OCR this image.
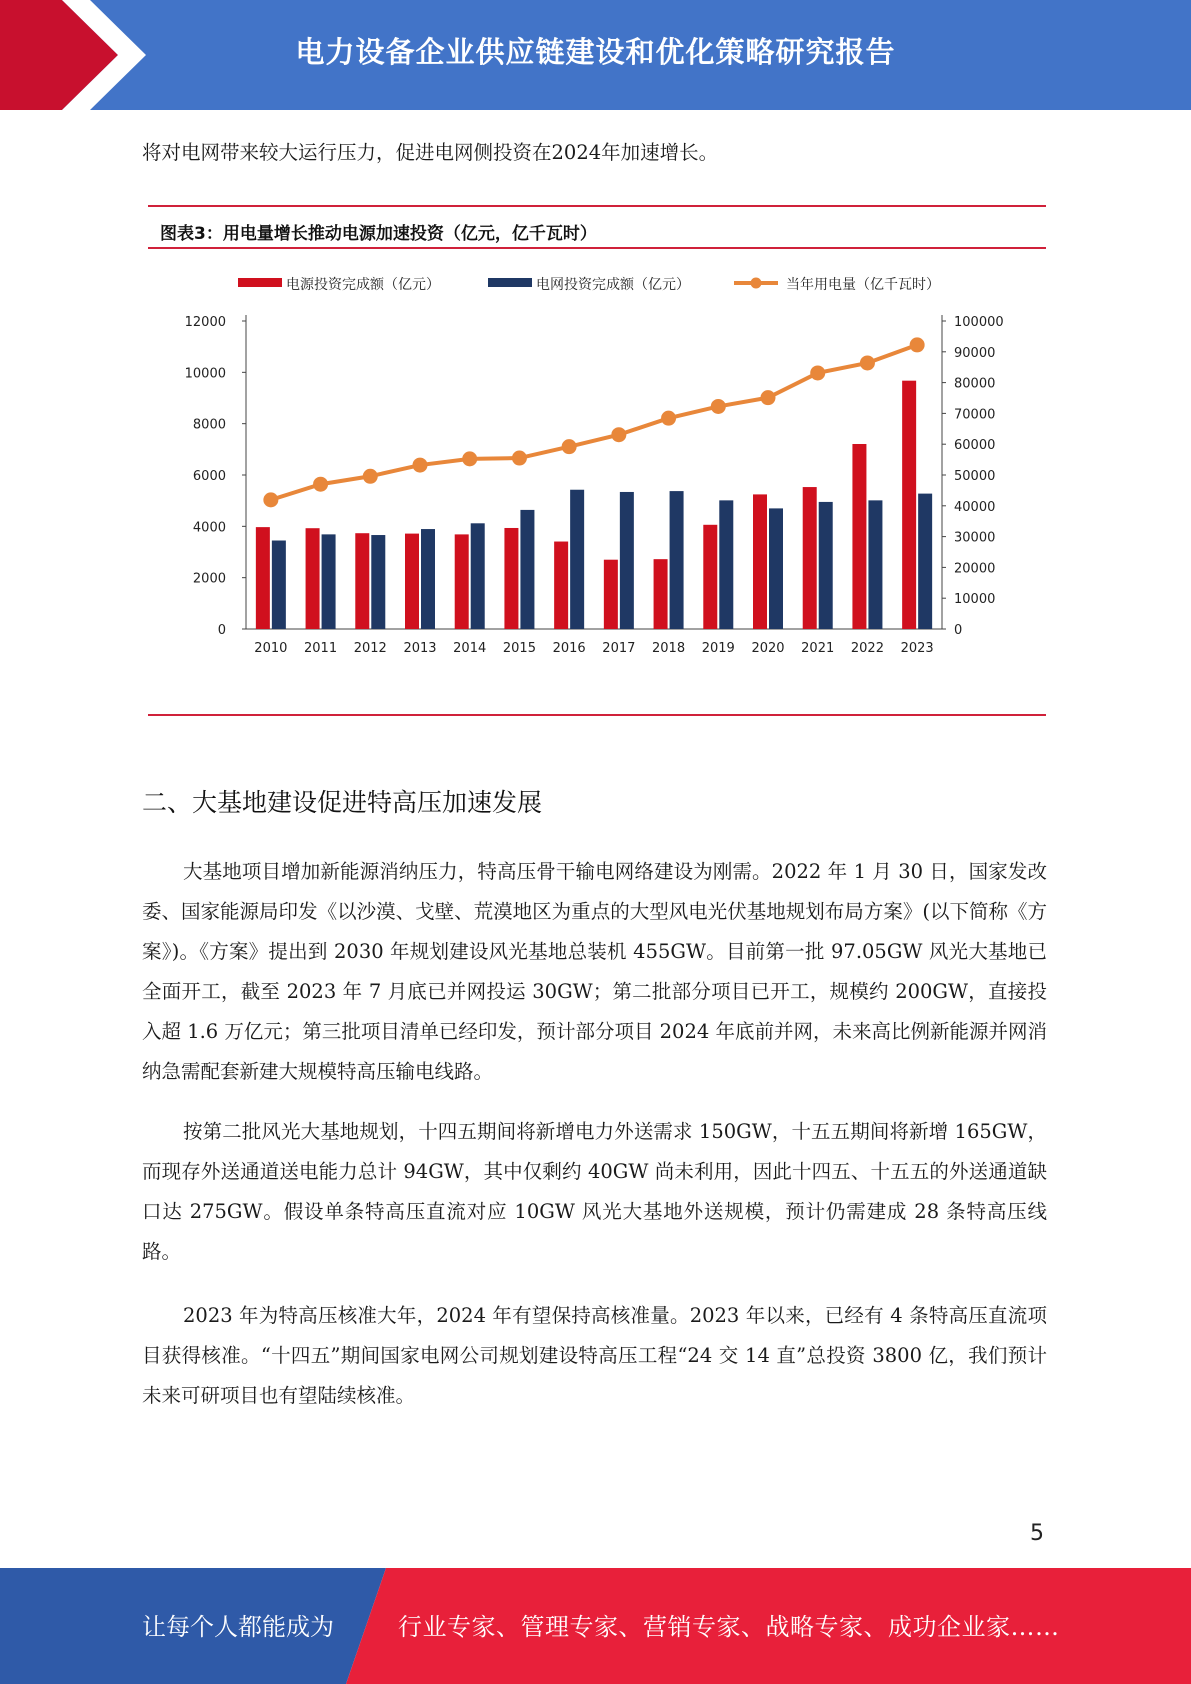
电力设备企业供应链建设和优化策略研究报告

将对电网带来较大运行压力，促进电网侧投资在2024年加速增长。

图表3：用电量增长推动电源加速投资（亿元，亿千瓦时）
0
2000
4000
6000
8000
10000
12000
0
10000
20000
30000
40000
50000
60000
70000
80000
90000
100000
2010 2011 2012 2013 2014 2015 2016 2017 2018 2019 2020 2021 2022 2023
电源投资完成额（亿元）	电网投资完成额（亿元）	当年用电量（亿千瓦时）
二、大基地建设促进特高压加速发展

大基地项目增加新能源消纳压力，特高压骨干输电网络建设为刚需。2022 年 1 月 30 日，国家发改委、国家能源局印发《以沙漠、戈壁、荒漠地区为重点的大型风电光伏基地规划布局方案》(以下简称《方案》)。《方案》提出到 2030 年规划建设风光基地总装机 455GW。目前第一批 97.05GW 风光大基地已全面开工，截至 2023 年 7 月底已并网投运 30GW；第二批部分项目已开工，规模约 200GW，直接投入超 1.6 万亿元；第三批项目清单已经印发，预计部分项目 2024 年底前并网，未来高比例新能源并网消纳急需配套新建大规模特高压输电线路。

按第二批风光大基地规划，十四五期间将新增电力外送需求 150GW，十五五期间将新增 165GW，而现存外送通道送电能力总计 94GW，其中仅剩约 40GW 尚未利用，因此十四五、十五五的外送通道缺口达 275GW。假设单条特高压直流对应 10GW 风光大基地外送规模，预计仍需建成 28 条特高压线路。

2023 年为特高压核准大年，2024 年有望保持高核准量。2023 年以来，已经有 4 条特高压直流项目获得核准。“十四五”期间国家电网公司规划建设特高压工程“24 交 14 直”总投资 3800 亿，我们预计未来可研项目也有望陆续核准。

5
让每个人都能成为	行业专家、管理专家、营销专家、战略专家、成功企业家……
